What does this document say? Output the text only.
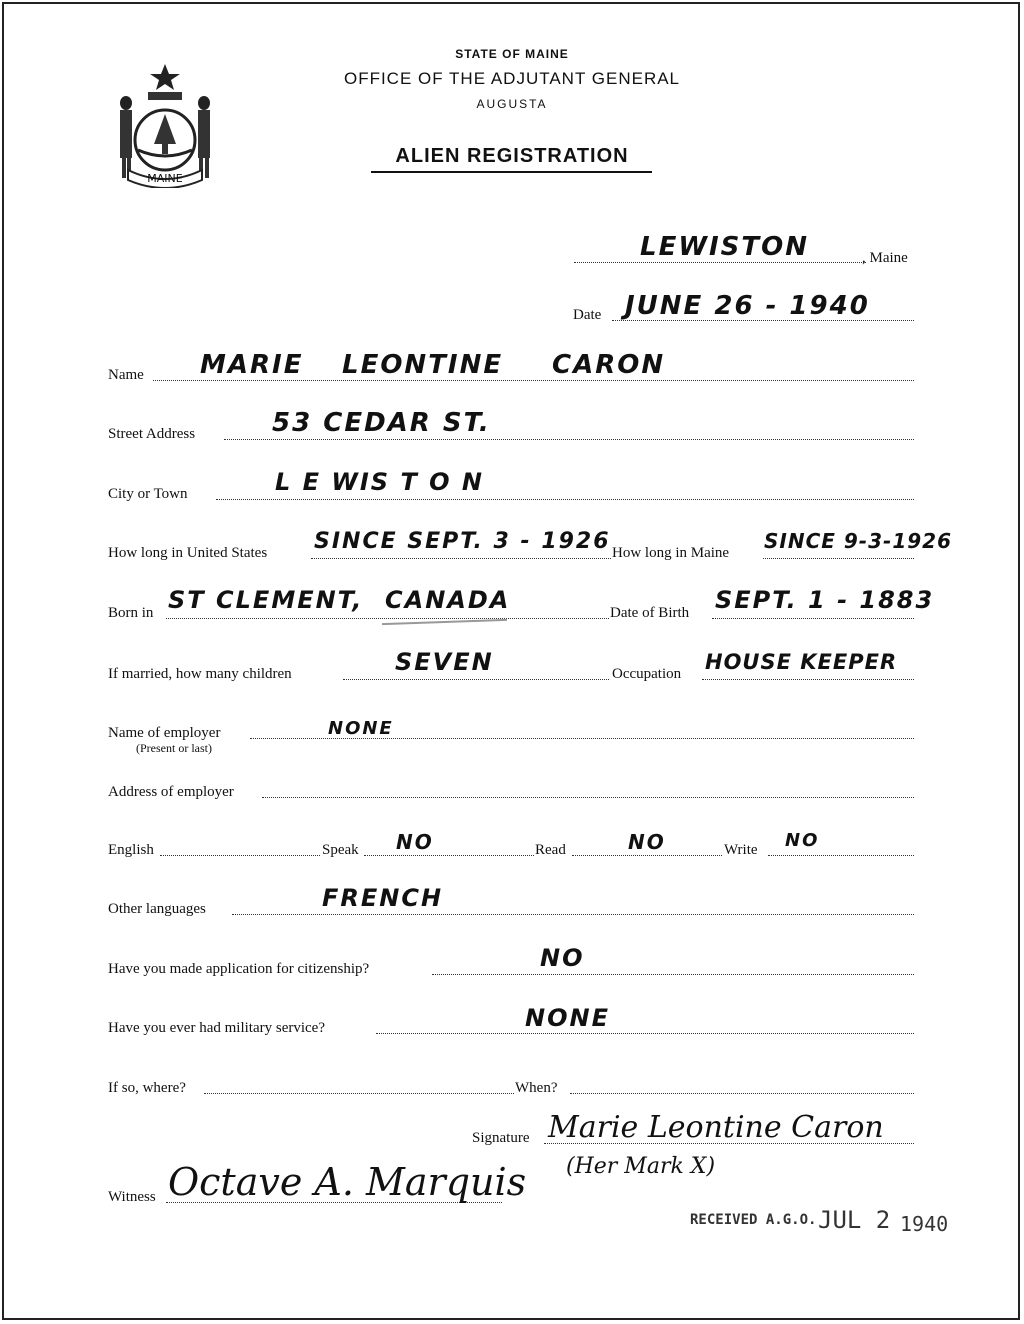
MAINE
STATE OF MAINE
OFFICE OF THE ADJUTANT GENERAL
AUGUSTA
ALIEN REGISTRATION
LEWISTON	, Maine
Date JUNE 26 - 1940
Name MARIE LEONTINE CARON
Street Address	53 CEDAR ST.
City or Town	L E WIS T O N
How long in United States SINCE SEPT. 3 - 1926 How long in Maine SINCE 9-3-1926
Born in ST CLEMENT, CANADA	Date of Birth SEPT. 1 - 1883
If married, how many children	SEVEN	Occupation HOUSE KEEPER
Name of employer
(Present or last)
NONE
Address of employer
English	Speak NO	Read	NO	Write NO
Other languages	FRENCH
Have you made application for citizenship?	NO
Have you ever had military service?	NONE
If so, where?	When?
Signature Marie Leontine Caron
(Her Mark X)
Witness Octave A. Marquis
RECEIVED A.G.O. JUL 2 1940
